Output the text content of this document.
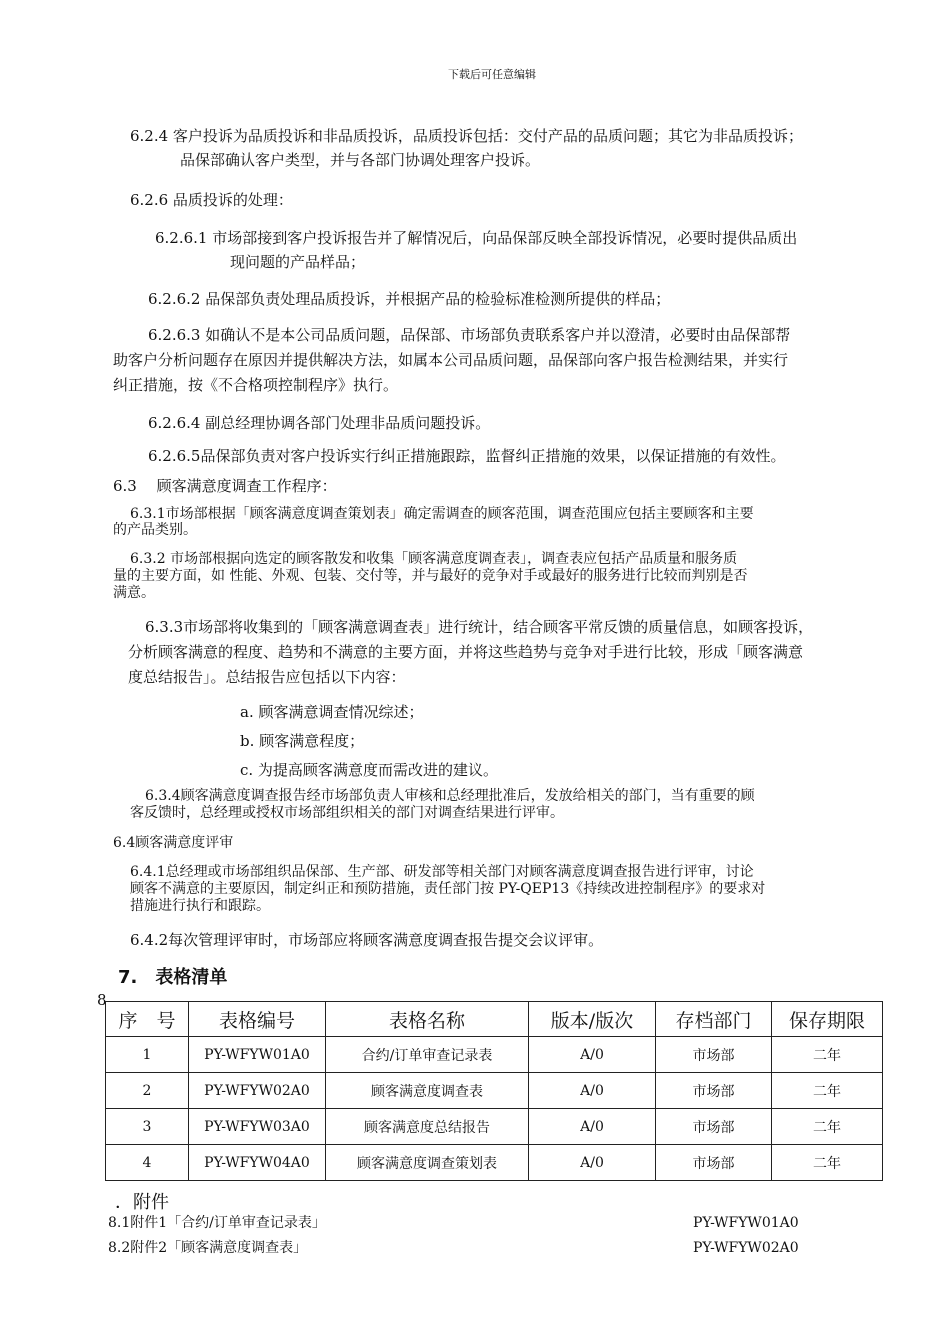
下载后可任意编辑
6.2.4 客户投诉为品质投诉和非品质投诉，品质投诉包括：交付产品的品质问题；其它为非品质投诉；
品保部确认客户类型，并与各部门协调处理客户投诉。
6.2.6 品质投诉的处理：
6.2.6.1 市场部接到客户投诉报告并了解情况后，向品保部反映全部投诉情况，必要时提供品质出
现问题的产品样品；
6.2.6.2 品保部负责处理品质投诉，并根据产品的检验标准检测所提供的样品；
6.2.6.3 如确认不是本公司品质问题，品保部、市场部负责联系客户并以澄清，必要时由品保部帮
助客户分析问题存在原因并提供解决方法，如属本公司品质问题，品保部向客户报告检测结果，并实行
纠正措施，按《不合格项控制程序》执行。
6.2.6.4 副总经理协调各部门处理非品质问题投诉。
6.2.6.5品保部负责对客户投诉实行纠正措施跟踪，监督纠正措施的效果，以保证措施的有效性。
6.3　 顾客满意度调查工作程序：
6.3.1市场部根据「顾客满意度调查策划表」确定需调查的顾客范围，调查范围应包括主要顾客和主要
的产品类别。
6.3.2 市场部根据向选定的顾客散发和收集「顾客满意度调查表」，调查表应包括产品质量和服务质
量的主要方面，如 性能、外观、包装、交付等，并与最好的竞争对手或最好的服务进行比较而判别是否
满意。
6.3.3市场部将收集到的「顾客满意调查表」进行统计，结合顾客平常反馈的质量信息，如顾客投诉，
分析顾客满意的程度、趋势和不满意的主要方面，并将这些趋势与竞争对手进行比较，形成「顾客满意
度总结报告」。总结报告应包括以下内容：
a. 顾客满意调查情况综述；
b. 顾客满意程度；
c. 为提高顾客满意度而需改进的建议。
6.3.4顾客满意度调查报告经市场部负责人审核和总经理批准后，发放给相关的部门，当有重要的顾
客反馈时，总经理或授权市场部组织相关的部门对调查结果进行评审。
6.4顾客满意度评审
6.4.1总经理或市场部组织品保部、生产部、研发部等相关部门对顾客满意度调查报告进行评审，讨论
顾客不满意的主要原因，制定纠正和预防措施，责任部门按 PY-QEP13《持续改进控制程序》的要求对
措施进行执行和跟踪。
6.4.2每次管理评审时，市场部应将顾客满意度调查报告提交会议评审。
7.　表格清单
8
序　号	表格编号	表格名称	版本/版次	存档部门	保存期限
1	PY-WFYW01A0	合约/订单审查记录表	A/0	市场部	二年
2	PY-WFYW02A0	顾客满意度调查表	A/0	市场部	二年
3	PY-WFYW03A0	顾客满意度总结报告	A/0	市场部	二年
4	PY-WFYW04A0	顾客满意度调查策划表	A/0	市场部	二年
．附件
8.1附件1「合约/订单审查记录表」	PY-WFYW01A0
8.2附件2「顾客满意度调查表」	PY-WFYW02A0
